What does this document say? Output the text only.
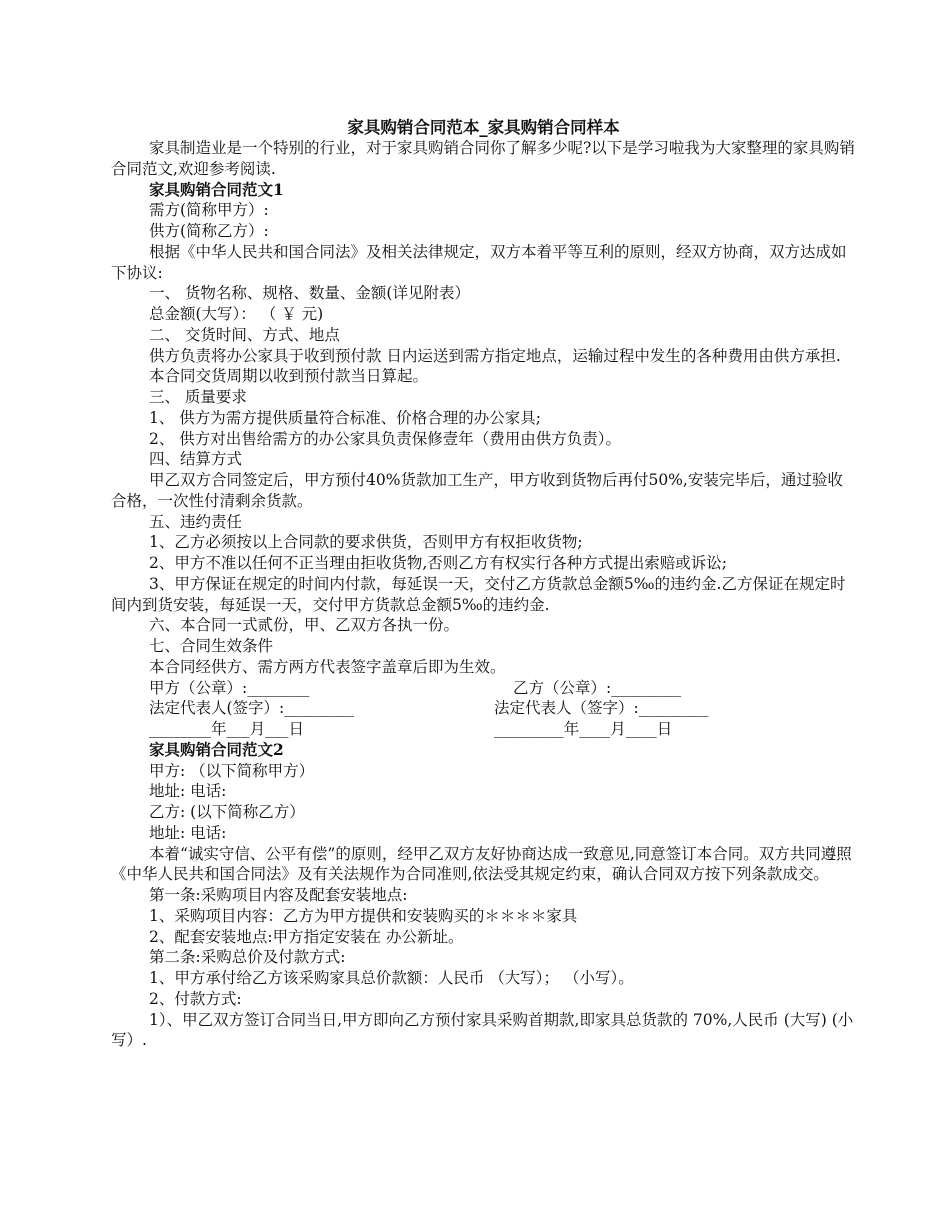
家具购销合同范本_家具购销合同样本
家具制造业是一个特别的行业，对于家具购销合同你了解多少呢?以下是学习啦我为大家整理的家具购销合同范文,欢迎参考阅读.
家具购销合同范文1
需方(简称甲方）:
供方(简称乙方）:
根据《中华人民共和国合同法》及相关法律规定，双方本着平等互利的原则，经双方协商，双方达成如下协议:
一、 货物名称、规格、数量、金额(详见附表）
总金额(大写）： （ ￥ 元)
二、 交货时间、方式、地点
供方负责将办公家具于收到预付款 日内运送到需方指定地点，运输过程中发生的各种费用由供方承担.
本合同交货周期以收到预付款当日算起。
三、 质量要求
1、 供方为需方提供质量符合标准、价格合理的办公家具;
2、 供方对出售给需方的办公家具负责保修壹年（费用由供方负责）。
四、结算方式
甲乙双方合同签定后，甲方预付40%货款加工生产，甲方收到货物后再付50%,安装完毕后，通过验收合格，一次性付清剩余货款。
五、违约责任
1、乙方必须按以上合同款的要求供货，否则甲方有权拒收货物;
2、甲方不准以任何不正当理由拒收货物,否则乙方有权实行各种方式提出索赔或诉讼;
3、甲方保证在规定的时间内付款，每延误一天，交付乙方货款总金额5‰的违约金.乙方保证在规定时间内到货安装，每延误一天，交付甲方货款总金额5‰的违约金.
六、本合同一式贰份，甲、乙双方各执一份。
七、合同生效条件
本合同经供方、需方两方代表签字盖章后即为生效。
甲方（公章）:________	乙方（公章）:_________
法定代表人(签字）:_________	法定代表人（签字）:_________
________年___月___日	_________年____月____日
家具购销合同范文2
甲方: （以下简称甲方）
地址: 电话:
乙方: (以下简称乙方）
地址: 电话:
本着“诚实守信、公平有偿”的原则，经甲乙双方友好协商达成一致意见,同意签订本合同。双方共同遵照《中华人民共和国合同法》及有关法规作为合同准则,依法受其规定约束，确认合同双方按下列条款成交。
第一条:采购项目内容及配套安装地点:
1、采购项目内容：乙方为甲方提供和安装购买的＊＊＊＊家具
2、配套安装地点:甲方指定安装在 办公新址。
第二条:采购总价及付款方式:
1、甲方承付给乙方该采购家具总价款额：人民币 （大写）； （小写）。
2、付款方式:
1）、甲乙双方签订合同当日,甲方即向乙方预付家具采购首期款,即家具总货款的 70%,人民币 (大写) (小写）.
